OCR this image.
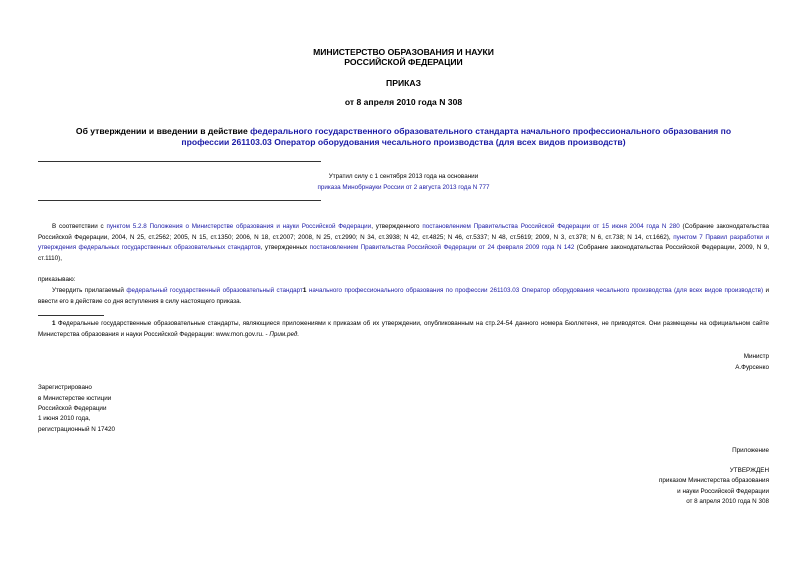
МИНИСТЕРСТВО ОБРАЗОВАНИЯ И НАУКИ
РОССИЙСКОЙ ФЕДЕРАЦИИ
ПРИКАЗ
от 8 апреля 2010 года N 308
Об утверждении и введении в действие федерального государственного образовательного стандарта начального профессионального образования по профессии 261103.03 Оператор оборудования чесального производства (для всех видов производств)
Утратил силу с 1 сентября 2013 года на основании
приказа Минобрнауки России от 2 августа 2013 года N 777
В соответствии с пунктом 5.2.8 Положения о Министерстве образования и науки Российской Федерации, утвержденного постановлением Правительства Российской Федерации от 15 июня 2004 года N 280 (Собрание законодательства Российской Федерации, 2004, N 25, ст.2562; 2005, N 15, ст.1350; 2006, N 18, ст.2007; 2008, N 25, ст.2990; N 34, ст.3938; N 42, ст.4825; N 46, ст.5337; N 48, ст.5619; 2009, N 3, ст.378; N 6, ст.738; N 14, ст.1662), пунктом 7 Правил разработки и утверждения федеральных государственных образовательных стандартов, утвержденных постановлением Правительства Российской Федерации от 24 февраля 2009 года N 142 (Собрание законодательства Российской Федерации, 2009, N 9, ст.1110),
приказываю:
Утвердить прилагаемый федеральный государственный образовательный стандарт1 начального профессионального образования по профессии 261103.03 Оператор оборудования чесального производства (для всех видов производств) и ввести его в действие со дня вступления в силу настоящего приказа.
1 Федеральные государственные образовательные стандарты, являющиеся приложениями к приказам об их утверждении, опубликованным на стр.24-54 данного номера Бюллетеня, не приводятся. Они размещены на официальном сайте Министерства образования и науки Российской Федерации: www.mon.gov.ru. - Прим.ред.
Министр
А.Фурсенко
Зарегистрировано
в Министерстве юстиции
Российской Федерации
1 июня 2010 года,
регистрационный N 17420
Приложение
УТВЕРЖДЕН
приказом Министерства образования
и науки Российской Федерации
от 8 апреля 2010 года N 308
